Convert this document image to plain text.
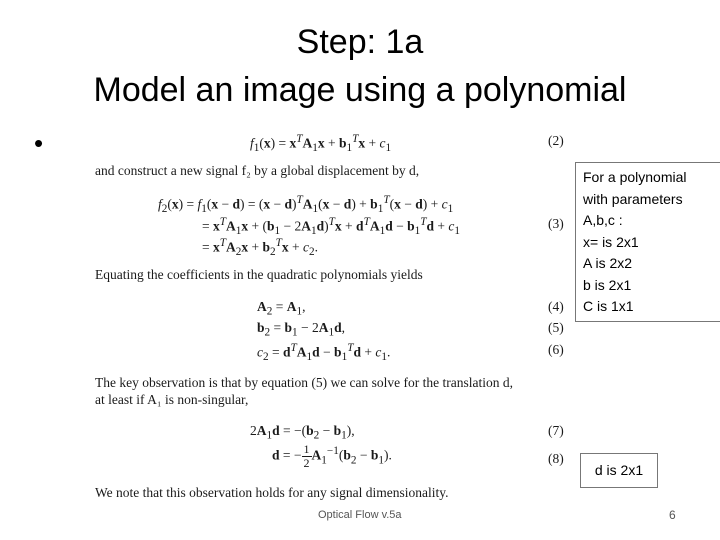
Step: 1a
Model an image using a polynomial
•	$f_1(x) = x^TA_1x + b_1^Tx + c_1$
(2)
and construct a new signal f₂ by a global displacement by d,
$f_2(x) = f_1(x - d) = (x - d)^TA_1(x - d) + b_1^T(x - d) + c_1$
= $x^TA_1x + (b_1 - 2A_1d)^Tx + d^TA_1d - b_1^Td + c_1$
= $x^TA_2x + b_2^Tx + c_2$.
(3)
Equating the coefficients in the quadratic polynomials yields
$A_2 = A_1$,	(4)
$b_2 = b_1 - 2A_1d$,	(5)
$c_2 = d^TA_1d - b_1^Td + c_1$.	(6)
The key observation is that by equation (5) we can solve for the translation d,
at least if A₁ is non-singular,
$2A_1d = -(b_2 - b_1)$,	(7)
d = − $\frac{1}{2} A_1^{-1}(b_2 - b_1)$.	(8)
We note that this observation holds for any signal dimensionality.
For a polynomial
with parameters
A,b,c :
x= is 2x1
A is 2x2
b is 2x1
C is 1x1
d is 2x1
Optical Flow v.5a	6
